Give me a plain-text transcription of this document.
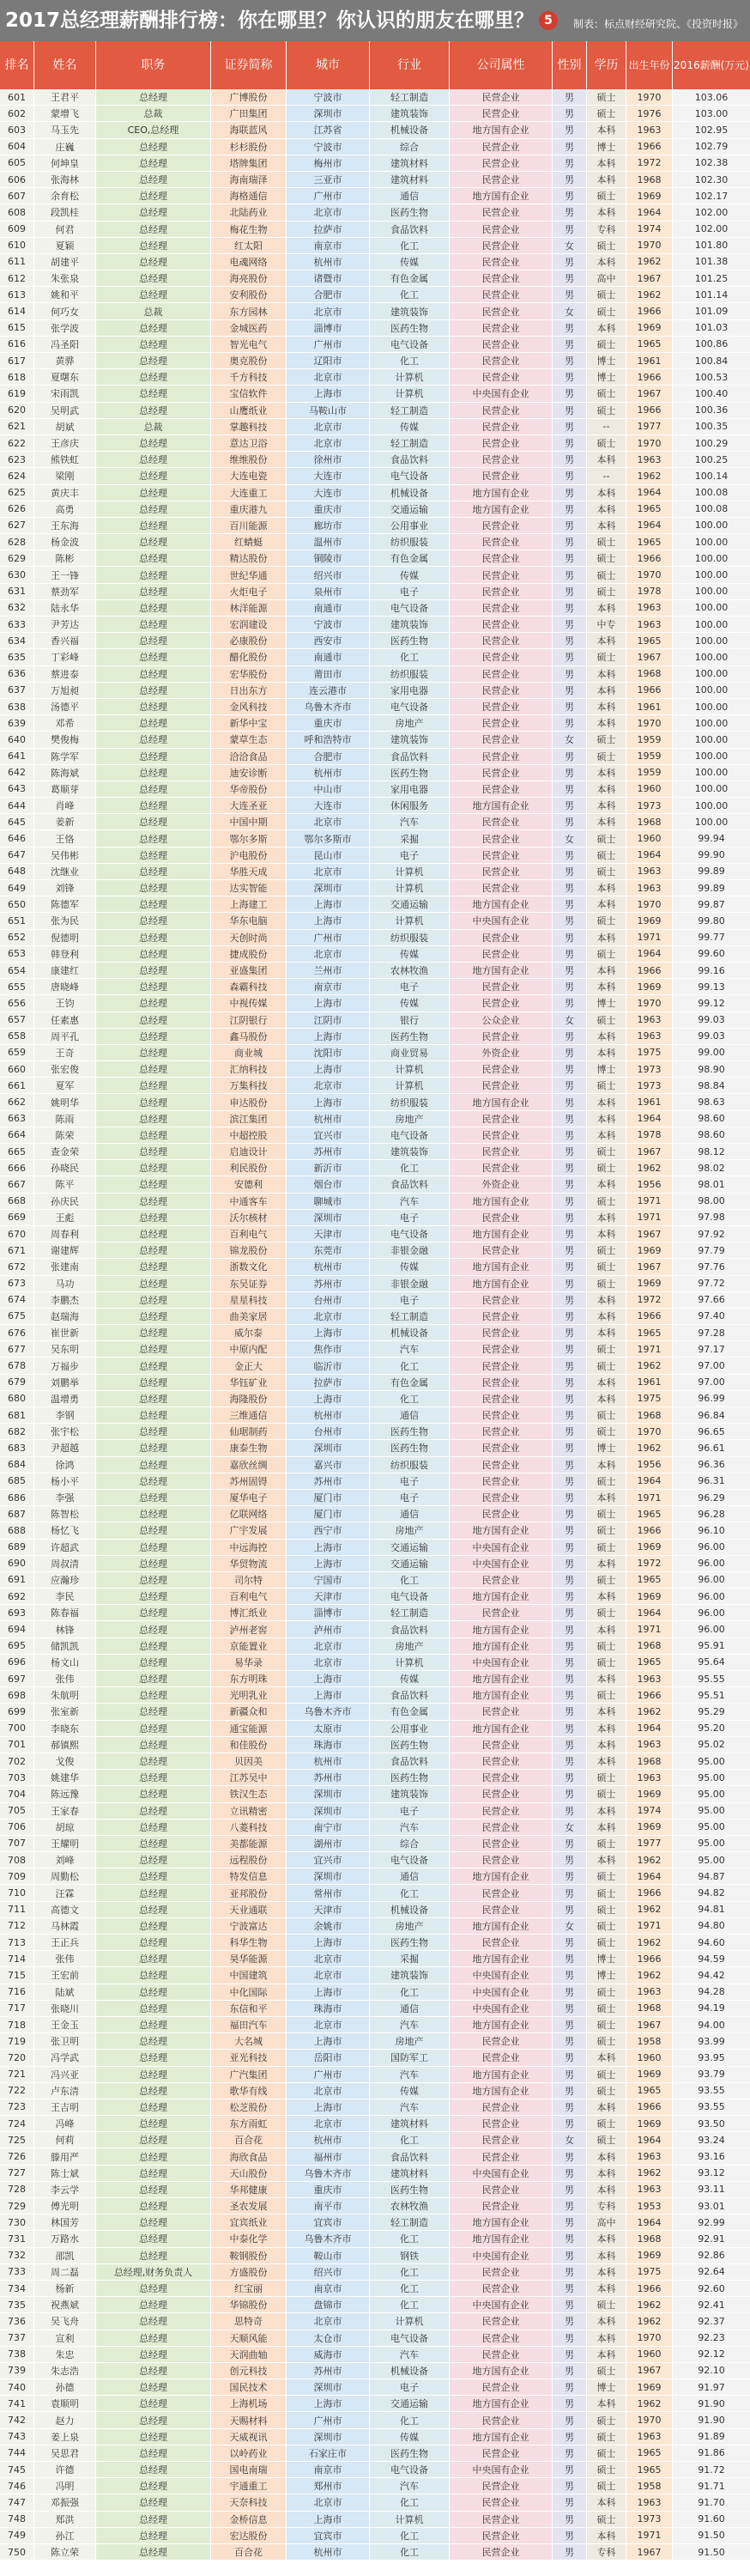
2017总经理薪酬排行榜：你在哪里？你认识的朋友在哪里？ 5	制表：标点财经研究院、《投资时报》
排名	姓名	职务	证券简称	城市	行业	公司属性	性别	学历 出生年份 2016薪酬(万元)
601	王君平	总经理	广博股份	宁波市	轻工制造	民营企业	男	硕士	1970	103.06
602	蒙增飞	总裁	广田集团	深圳市	建筑装饰	民营企业	男	硕士	1976	103.00
603	马玉先	CEO,总经理	海联蓝风	江苏省	机械设备	地方国有企业	男	本科	1963	102.95
604	庄巍	总经理	杉杉股份	宁波市	综合	民营企业	男	博士	1966	102.79
605	何坤皇	总经理	塔牌集团	梅州市	建筑材料	民营企业	男	本科	1972	102.38
606	张海林	总经理	海南瑞泽	三亚市	建筑材料	民营企业	男	本科	1968	102.30
607	余育松	总经理	海格通信	广州市	通信	地方国有企业	男	硕士	1969	102.17
608	段凯桂	总经理	北陆药业	北京市	医药生物	民营企业	男	本科	1964	102.00
609	何君	总经理	梅花生物	拉萨市	食品饮料	民营企业	男	专科	1974	102.00
610	夏颖	总经理	红太阳	南京市	化工	民营企业	女	硕士	1970	101.80
611	胡建平	总经理	电魂网络	杭州市	传媒	民营企业	男	本科	1962	101.38
612	朱张泉	总经理	海亮股份	诸暨市	有色金属	民营企业	男	高中	1967	101.25
613	姚和平	总经理	安利股份	合肥市	化工	民营企业	男	硕士	1962	101.14
614	何巧女	总裁	东方园林	北京市	建筑装饰	民营企业	女	硕士	1966	101.09
615	张学波	总经理	金城医药	淄博市	医药生物	民营企业	男	本科	1969	101.03
616	冯圣阳	总经理	智光电气	广州市	电气设备	民营企业	男	硕士	1965	100.86
617	黄骅	总经理	奥克股份	辽阳市	化工	民营企业	男	博士	1961	100.84
618	夏曙东	总经理	千方科技	北京市	计算机	民营企业	男	博士	1966	100.53
619	宋雨凯	总经理	宝信软件	上海市	计算机	中央国有企业	男	硕士	1967	100.40
620	吴明武	总经理	山鹰纸业	马鞍山市	轻工制造	民营企业	男	硕士	1966	100.36
621	胡斌	总裁	掌趣科技	北京市	传媒	民营企业	男	--	1977	100.35
622	王彦庆	总经理	意达卫浴	北京市	轻工制造	民营企业	男	硕士	1970	100.29
623	熊铁虹	总经理	维维股份	徐州市	食品饮料	民营企业	男	本科	1963	100.25
624	梁刚	总经理	大连电瓷	大连市	电气设备	民营企业	男	--	1962	100.14
625	黄庆丰	总经理	大连重工	大连市	机械设备	地方国有企业	男	本科	1964	100.08
626	高勇	总经理	重庆港九	重庆市	交通运输	地方国有企业	男	本科	1965	100.08
627	王东海	总经理	百川能源	廊坊市	公用事业	民营企业	男	本科	1964	100.00
628	杨金波	总经理	红蜻蜓	温州市	纺织服装	民营企业	男	硕士	1965	100.00
629	陈彬	总经理	精达股份	铜陵市	有色金属	民营企业	男	硕士	1966	100.00
630	王一锋	总经理	世纪华通	绍兴市	传媒	民营企业	男	硕士	1970	100.00
631	蔡劲军	总经理	火炬电子	泉州市	电子	民营企业	男	硕士	1978	100.00
632	陆永华	总经理	林洋能源	南通市	电气设备	民营企业	男	本科	1963	100.00
633	尹芳达	总经理	宏润建设	宁波市	建筑装饰	民营企业	男	中专	1963	100.00
634	香兴福	总经理	必康股份	西安市	医药生物	民营企业	男	本科	1965	100.00
635	丁彩峰	总经理	醋化股份	南通市	化工	民营企业	男	硕士	1967	100.00
636	蔡进泰	总经理	宏华股份	莆田市	纺织服装	民营企业	男	本科	1968	100.00
637	万旭昶	总经理	日出东方	连云港市	家用电器	民营企业	男	本科	1966	100.00
638	汤德平	总经理	金风科技	乌鲁木齐市	电气设备	民营企业	男	本科	1961	100.00
639	邓希	总经理	新华中宝	重庆市	房地产	民营企业	男	本科	1970	100.00
640	樊俊梅	总经理	蒙草生态	呼和浩特市	建筑装饰	民营企业	女	硕士	1959	100.00
641	陈学军	总经理	洽洽食品	合肥市	食品饮料	民营企业	男	硕士	1959	100.00
642	陈海斌	总经理	迪安诊断	杭州市	医药生物	民营企业	男	本科	1959	100.00
643	葛顺芽	总经理	华帝股份	中山市	家用电器	民营企业	男	本科	1960	100.00
644	肖峰	总经理	大连圣亚	大连市	休闲服务	地方国有企业	男	本科	1973	100.00
645	姜新	总经理	中国中期	北京市	汽车	民营企业	男	本科	1968	100.00
646	王恪	总经理	鄂尔多斯	鄂尔多斯市	采掘	民营企业	女	硕士	1960	99.94
647	吴伟彬	总经理	沪电股份	昆山市	电子	民营企业	男	硕士	1964	99.90
648	沈继业	总经理	华胜天成	北京市	计算机	民营企业	男	硕士	1963	99.89
649	刘锋	总经理	达实智能	深圳市	计算机	民营企业	男	本科	1963	99.89
650	陈德军	总经理	上海建工	上海市	交通运输	地方国有企业	男	本科	1970	99.87
651	张为民	总经理	华东电脑	上海市	计算机	中央国有企业	男	硕士	1969	99.80
652	倪德明	总经理	天创时尚	广州市	纺织服装	民营企业	男	本科	1971	99.77
653	韩登利	总经理	捷成股份	北京市	传媒	民营企业	男	硕士	1964	99.60
654	康建红	总经理	亚盛集团	兰州市	农林牧渔	地方国有企业	男	本科	1966	99.16
655	唐晓峰	总经理	森霸科技	南京市	电子	民营企业	男	本科	1969	99.13
656	王钧	总经理	中视传媒	上海市	传媒	民营企业	男	博士	1970	99.12
657	任素惠	总经理	江阴银行	江阴市	银行	公众企业	女	硕士	1963	99.03
658	周平孔	总经理	鑫马股份	上海市	医药生物	民营企业	男	本科	1963	99.03
659	王奇	总经理	商业城	沈阳市	商业贸易	外资企业	男	本科	1975	99.00
660	张宏俊	总经理	汇纳科技	上海市	计算机	民营企业	男	博士	1973	98.90
661	夏军	总经理	万集科技	北京市	计算机	民营企业	男	硕士	1973	98.84
662	姚明华	总经理	申达股份	上海市	纺织服装	地方国有企业	男	本科	1961	98.63
663	陈雨	总经理	滨江集团	杭州市	房地产	民营企业	男	本科	1964	98.60
664	陈荣	总经理	中超控股	宜兴市	电气设备	民营企业	男	本科	1978	98.60
665	查金荣	总经理	启迪设计	苏州市	建筑装饰	民营企业	男	硕士	1967	98.12
666	孙晓民	总经理	利民股份	新沂市	化工	民营企业	男	硕士	1962	98.02
667	陈平	总经理	安德利	烟台市	食品饮料	外资企业	男	本科	1956	98.01
668	孙庆民	总经理	中通客车	聊城市	汽车	地方国有企业	男	硕士	1971	98.00
669	王彪	总经理	沃尔核材	深圳市	电子	民营企业	男	本科	1971	97.98
670	周春利	总经理	百利电气	天津市	电气设备	地方国有企业	男	本科	1967	97.92
671	谢建辉	总经理	锦龙股份	东莞市	非银金融	民营企业	男	硕士	1969	97.79
672	张建南	总经理	浙数文化	杭州市	传媒	地方国有企业	男	硕士	1967	97.76
673	马功	总经理	东吴证券	苏州市	非银金融	地方国有企业	男	硕士	1969	97.72
674	李鹏杰	总经理	星星科技	台州市	电子	民营企业	男	本科	1972	97.66
675	赵瑞海	总经理	曲美家居	北京市	轻工制造	民营企业	男	本科	1966	97.40
676	崔世新	总经理	威尔泰	上海市	机械设备	民营企业	男	本科	1965	97.28
677	吴东明	总经理	中原内配	焦作市	汽车	民营企业	男	硕士	1971	97.17
678	万福步	总经理	金正大	临沂市	化工	民营企业	男	硕士	1962	97.00
679	刘鹏举	总经理	华钰矿业	拉萨市	有色金属	民营企业	男	本科	1961	97.00
680	温增勇	总经理	海隆股份	上海市	化工	民营企业	男	本科	1975	96.99
681	李钢	总经理	三维通信	杭州市	通信	民营企业	男	硕士	1968	96.84
682	张宇松	总经理	仙琚制药	台州市	医药生物	民营企业	男	硕士	1970	96.65
683	尹超越	总经理	康泰生物	深圳市	医药生物	民营企业	男	博士	1962	96.61
684	徐鸿	总经理	嘉欣丝绸	嘉兴市	纺织服装	民营企业	男	本科	1956	96.36
685	杨小平	总经理	苏州固锝	苏州市	电子	民营企业	男	硕士	1964	96.31
686	李强	总经理	厦华电子	厦门市	电子	民营企业	男	本科	1971	96.29
687	陈智松	总经理	亿联网络	厦门市	通信	民营企业	男	硕士	1965	96.28
688	杨忆飞	总经理	广宇发展	西宁市	房地产	地方国有企业	男	硕士	1966	96.10
689	许超武	总经理	中远海控	上海市	交通运输	中央国有企业	男	硕士	1969	96.00
690	周叔清	总经理	华贸物流	上海市	交通运输	中央国有企业	男	本科	1972	96.00
691	应瀚珍	总经理	司尔特	宁国市	化工	民营企业	男	硕士	1965	96.00
692	李民	总经理	百利电气	天津市	电气设备	地方国有企业	男	本科	1969	96.00
693	陈春福	总经理	博汇纸业	淄博市	轻工制造	民营企业	男	硕士	1964	96.00
694	林锋	总经理	泸州老窖	泸州市	食品饮料	地方国有企业	男	本科	1971	96.00
695	储凯凯	总经理	京能置业	北京市	房地产	地方国有企业	男	硕士	1968	95.91
696	杨文山	总经理	易华录	北京市	计算机	中央国有企业	男	硕士	1965	95.64
697	张伟	总经理	东方明珠	上海市	传媒	地方国有企业	男	本科	1963	95.55
698	朱航明	总经理	光明乳业	上海市	食品饮料	地方国有企业	男	硕士	1966	95.51
699	张室新	总经理	新疆众和	乌鲁木齐市	有色金属	民营企业	男	本科	1962	95.29
700	李晓东	总经理	通宝能源	太原市	公用事业	地方国有企业	男	本科	1964	95.20
701	郝镇熙	总经理	和佳股份	珠海市	医药生物	民营企业	男	本科	1963	95.02
702	戈俊	总经理	贝因美	杭州市	食品饮料	民营企业	男	本科	1968	95.00
703	姚建华	总经理	江苏吴中	苏州市	医药生物	民营企业	男	硕士	1963	95.00
704	陈远豫	总经理	铁汉生态	深圳市	建筑装饰	民营企业	男	硕士	1969	95.00
705	王家春	总经理	立讯精密	深圳市	电子	民营企业	男	本科	1974	95.00
706	胡琼	总经理	八菱科技	南宁市	汽车	民营企业	女	本科	1969	95.00
707	王耀明	总经理	美都能源	湖州市	综合	民营企业	男	硕士	1977	95.00
708	刘峰	总经理	远程股份	宜兴市	电气设备	民营企业	男	本科	1962	95.00
709	周勤松	总经理	特发信息	深圳市	通信	地方国有企业	男	硕士	1964	94.87
710	汪霖	总经理	亚邦股份	常州市	化工	民营企业	男	硕士	1966	94.82
711	高德文	总经理	天业通联	天津市	机械设备	民营企业	男	硕士	1962	94.81
712	马林霞	总经理	宁波富达	余姚市	房地产	地方国有企业	女	硕士	1971	94.80
713	王正兵	总经理	科华生物	上海市	医药生物	民营企业	男	硕士	1962	94.60
714	张伟	总经理	昊华能源	北京市	采掘	地方国有企业	男	博士	1966	94.59
715	王宏前	总经理	中国建筑	北京市	建筑装饰	中央国有企业	男	博士	1962	94.42
716	陆斌	总经理	中化国际	上海市	化工	中央国有企业	男	硕士	1963	94.28
717	张晓川	总经理	东信和平	珠海市	通信	中央国有企业	男	硕士	1968	94.19
718	王金玉	总经理	福田汽车	北京市	汽车	地方国有企业	男	硕士	1967	94.00
719	张卫明	总经理	大名城	上海市	房地产	民营企业	男	硕士	1958	93.99
720	冯学武	总经理	亚光科技	岳阳市	国防军工	民营企业	男	本科	1960	93.95
721	冯兴亚	总经理	广汽集团	广州市	汽车	地方国有企业	男	硕士	1969	93.79
722	卢东清	总经理	歌华有线	北京市	传媒	地方国有企业	男	硕士	1965	93.55
723	王吉明	总经理	松芝股份	上海市	汽车	民营企业	男	本科	1966	93.55
724	冯峰	总经理	东方雨虹	北京市	建筑材料	民营企业	男	硕士	1969	93.50
725	何莉	总经理	百合花	杭州市	化工	民营企业	女	硕士	1964	93.24
726	滕用严	总经理	海欣食品	福州市	食品饮料	民营企业	男	本科	1963	93.16
727	陈士斌	总经理	天山股份	乌鲁木齐市	建筑材料	中央国有企业	男	本科	1962	93.12
728	李云学	总经理	华邦健康	重庆市	医药生物	民营企业	男	本科	1963	93.11
729	傅光明	总经理	圣农发展	南平市	农林牧渔	民营企业	男	专科	1953	93.01
730	林国芳	总经理	宜宾纸业	宜宾市	轻工制造	地方国有企业	男	高中	1964	92.99
731	万路水	总经理	中泰化学	乌鲁木齐市	化工	地方国有企业	男	本科	1968	92.91
732	邵凯	总经理	鞍钢股份	鞍山市	钢铁	中央国有企业	男	本科	1969	92.86
733	周二磊	总经理,财务负责人	方盛股份	绍兴市	化工	民营企业	男	本科	1975	92.64
734	杨新	总经理	红宝丽	南京市	化工	民营企业	男	本科	1966	92.60
735	祝燕斌	总经理	华锦股份	盘锦市	化工	中央国有企业	男	硕士	1962	92.41
736	吴飞舟	总经理	思特奇	北京市	计算机	民营企业	男	本科	1962	92.37
737	宣利	总经理	天顺风能	太仓市	电气设备	民营企业	男	本科	1970	92.23
738	朱忠	总经理	天润曲轴	威海市	汽车	民营企业	男	本科	1960	92.12
739	朱志浩	总经理	创元科技	苏州市	机械设备	地方国有企业	男	硕士	1967	92.10
740	孙德	总经理	国民技术	深圳市	电子	民营企业	男	博士	1969	91.97
741	袁顺明	总经理	上海机场	上海市	交通运输	地方国有企业	男	本科	1962	91.90
742	赵力	总经理	天赐材料	广州市	化工	民营企业	男	硕士	1970	91.90
743	姜上泉	总经理	天威视讯	深圳市	传媒	地方国有企业	男	硕士	1963	91.89
744	吴思君	总经理	以岭药业	石家庄市	医药生物	民营企业	男	硕士	1965	91.86
745	许德	总经理	国电南瑞	南京市	电气设备	中央国有企业	男	硕士	1965	91.72
746	冯明	总经理	宇通重工	郑州市	汽车	民营企业	男	硕士	1958	91.71
747	邓振强	总经理	天奈科技	北京市	化工	民营企业	男	本科	1963	91.70
748	郑洪	总经理	金桥信息	上海市	计算机	民营企业	男	硕士	1973	91.60
749	孙江	总经理	宏达股份	宜宾市	化工	民营企业	男	本科	1971	91.50
750	陈立荣	总经理	百合花	杭州市	化工	民营企业	男	专科	1967	91.50
